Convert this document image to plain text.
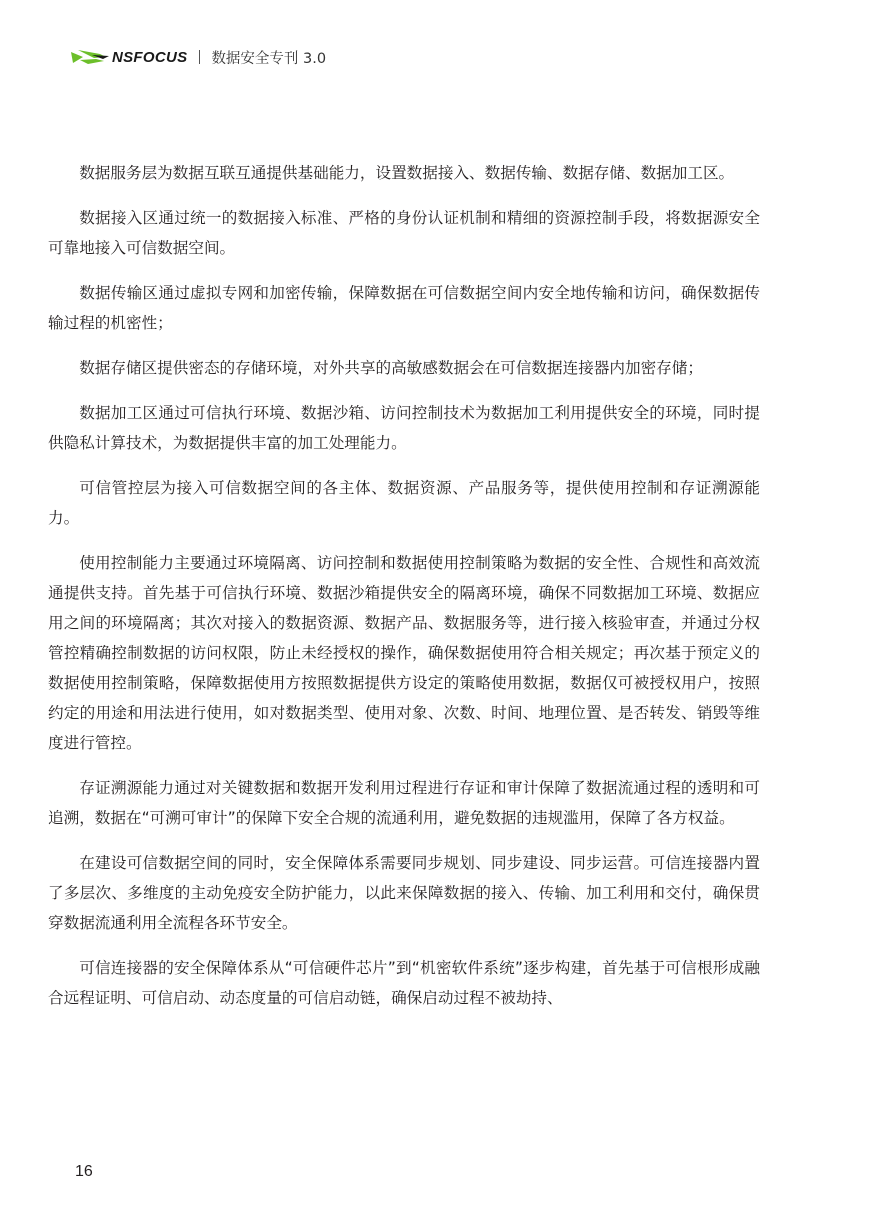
NSFOCUS 数据安全专刊 3.0

数据服务层为数据互联互通提供基础能力，设置数据接入、数据传输、数据存储、数据加工区。

数据接入区通过统一的数据接入标准、严格的身份认证机制和精细的资源控制手段，将数据源安全可靠地接入可信数据空间。

数据传输区通过虚拟专网和加密传输，保障数据在可信数据空间内安全地传输和访问，确保数据传输过程的机密性；

数据存储区提供密态的存储环境，对外共享的高敏感数据会在可信数据连接器内加密存储；

数据加工区通过可信执行环境、数据沙箱、访问控制技术为数据加工利用提供安全的环境，同时提供隐私计算技术，为数据提供丰富的加工处理能力。

可信管控层为接入可信数据空间的各主体、数据资源、产品服务等，提供使用控制和存证溯源能力。

使用控制能力主要通过环境隔离、访问控制和数据使用控制策略为数据的安全性、合规性和高效流通提供支持。首先基于可信执行环境、数据沙箱提供安全的隔离环境，确保不同数据加工环境、数据应用之间的环境隔离；其次对接入的数据资源、数据产品、数据服务等，进行接入核验审查，并通过分权管控精确控制数据的访问权限，防止未经授权的操作，确保数据使用符合相关规定；再次基于预定义的数据使用控制策略，保障数据使用方按照数据提供方设定的策略使用数据，数据仅可被授权用户，按照约定的用途和用法进行使用，如对数据类型、使用对象、次数、时间、地理位置、是否转发、销毁等维度进行管控。

存证溯源能力通过对关键数据和数据开发利用过程进行存证和审计保障了数据流通过程的透明和可追溯，数据在“可溯可审计”的保障下安全合规的流通利用，避免数据的违规滥用，保障了各方权益。

在建设可信数据空间的同时，安全保障体系需要同步规划、同步建设、同步运营。可信连接器内置了多层次、多维度的主动免疫安全防护能力，以此来保障数据的接入、传输、加工利用和交付，确保贯穿数据流通利用全流程各环节安全。

可信连接器的安全保障体系从“可信硬件芯片”到“机密软件系统”逐步构建，首先基于可信根形成融合远程证明、可信启动、动态度量的可信启动链，确保启动过程不被劫持、

16
